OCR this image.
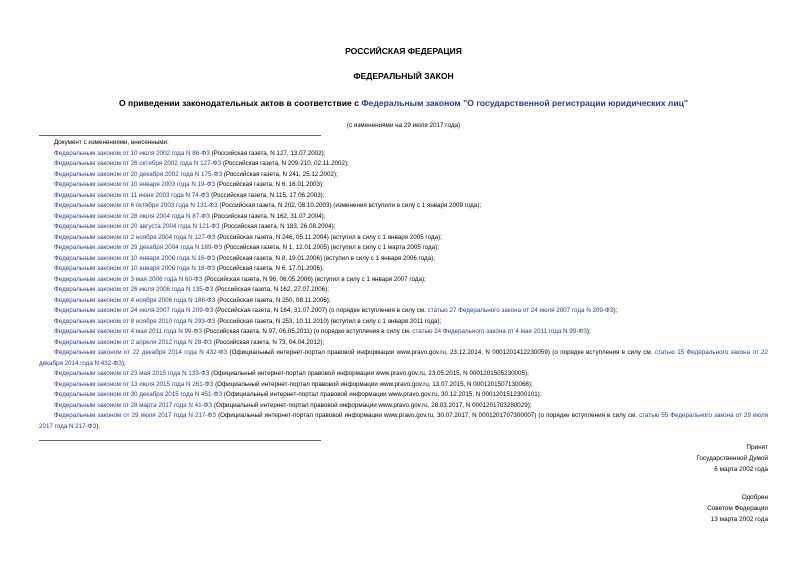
РОССИЙСКАЯ ФЕДЕРАЦИЯ
ФЕДЕРАЛЬНЫЙ ЗАКОН
О приведении законодательных актов в соответствие с Федеральным законом "О государственной регистрации юридических лиц"
(с изменениями на 29 июля 2017 года)

Документ с изменениями, внесенными:

Федеральным законом от 10 июля 2002 года N 86-ФЗ (Российская газета, N 127, 13.07.2002);

Федеральным законом от 26 октября 2002 года N 127-ФЗ (Российская газета, N 209-210, 02.11.2002);

Федеральным законом от 20 декабря 2002 года N 175-ФЗ (Российская газета, N 241, 25.12.2002);

Федеральным законом от 10 января 2003 года N 19-ФЗ (Российская газета, N 6, 16.01.2003);

Федеральным законом от 11 июня 2003 года N 74-ФЗ (Российская газета, N 115, 17.06.2003);

Федеральным законом от 6 октября 2003 года N 131-ФЗ (Российская газета, N 202, 08.10.2003) (изменения вступили в силу с 1 января 2009 года);

Федеральным законом от 28 июля 2004 года N 87-ФЗ (Российская газета, N 162, 31.07.2004);

Федеральным законом от 20 августа 2004 года N 121-ФЗ (Российская газета, N 183, 26.08.2004);

Федеральным законом от 2 ноября 2004 года N 127-ФЗ (Российская газета, N 246, 05.11.2004) (вступил в силу с 1 января 2005 года);

Федеральным законом от 29 декабря 2004 года N 189-ФЗ (Российская газета, N 1, 12.01.2005) (вступил в силу с 1 марта 2005 года);

Федеральным законом от 10 января 2006 года N 16-ФЗ (Российская газета, N 8, 19.01.2006) (вступил в силу с 1 января 2006 года);

Федеральным законом от 10 января 2006 года N 18-ФЗ (Российская газета, N 6, 17.01.2006);

Федеральным законом от 3 мая 2006 года N 60-ФЗ (Российская газета, N 96, 06.05.2006) (вступил в силу с 1 января 2007 года);

Федеральным законом от 26 июля 2006 года N 135-ФЗ (Российская газета, N 162, 27.07.2006);

Федеральным законом от 4 ноября 2006 года N 188-ФЗ (Российская газета, N 250, 08.11.2006);

Федеральным законом от 24 июля 2007 года N 209-ФЗ (Российская газета, N 164, 31.07.2007) (о порядке вступления в силу см. статью 27 Федерального закона от 24 июля 2007 года N 209-ФЗ);

Федеральным законом от 8 ноября 2010 года N 293-ФЗ (Российская газета, N 253, 10.11.2010) (вступил в силу с 1 января 2011 года);

Федеральным законом от 4 мая 2011 года N 99-ФЗ (Российская газета, N 97, 06.05.2011) (о порядке вступления в силу см. статью 24 Федерального закона от 4 мая 2011 года N 99-ФЗ);

Федеральным законом от 2 апреля 2012 года N 28-ФЗ (Российская газета, N 73, 04.04.2012);

Федеральным законом от 22 декабря 2014 года N 432-ФЗ (Официальный интернет-портал правовой информации www.pravo.gov.ru, 23.12.2014, N 0001201412230059) (о порядке вступления в силу см. статью 15 Федерального закона от 22 декабря 2014 года N 432-ФЗ);

Федеральным законом от 23 мая 2015 года N 133-ФЗ (Официальный интернет-портал правовой информации www.pravo.gov.ru, 23.05.2015, N 0001201505230005);

Федеральным законом от 13 июля 2015 года N 261-ФЗ (Официальный интернет-портал правовой информации www.pravo.gov.ru, 13.07.2015, N 0001201507130068);

Федеральным законом от 30 декабря 2015 года N 451-ФЗ (Официальный интернет-портал правовой информации www.pravo.gov.ru, 30.12.2015, N 0001201512300101);

Федеральным законом от 28 марта 2017 года N 41-ФЗ (Официальный интернет-портал правовой информации www.pravo.gov.ru, 28.03.2017, N 0001201703280029);

Федеральным законом от 29 июля 2017 года N 217-ФЗ (Официальный интернет-портал правовой информации www.pravo.gov.ru, 30.07.2017, N 0001201707300007) (о порядке вступления в силу см. статью 55 Федерального закона от 29 июля 2017 года N 217-ФЗ).

Принят
Государственной Думой
6 марта 2002 года
Одобрен
Советом Федерации
13 марта 2002 года
